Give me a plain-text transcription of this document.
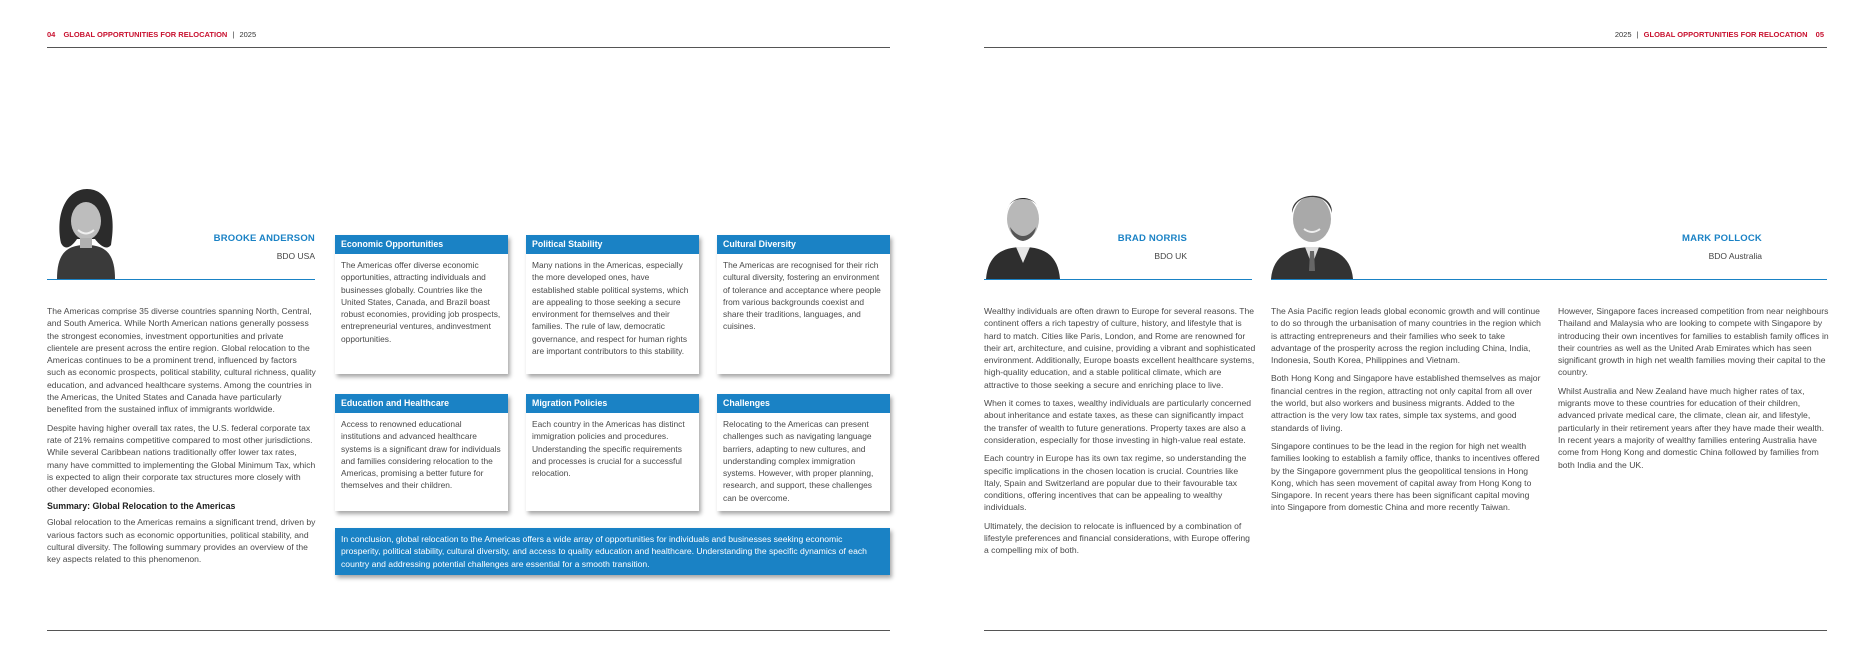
04 GLOBAL OPPORTUNITIES FOR RELOCATION | 2025
BROOKE ANDERSON
BDO USA

The Americas comprise 35 diverse countries spanning North, Central, and South America. While North American nations generally possess the strongest economies, investment opportunities and private clientele are present across the entire region. Global relocation to the Americas continues to be a prominent trend, influenced by factors such as economic prospects, political stability, cultural richness, quality education, and advanced healthcare systems. Among the countries in the Americas, the United States and Canada have particularly benefited from the sustained influx of immigrants worldwide.

Despite having higher overall tax rates, the U.S. federal corporate tax rate of 21% remains competitive compared to most other jurisdictions. While several Caribbean nations traditionally offer lower tax rates, many have committed to implementing the Global Minimum Tax, which is expected to align their corporate tax structures more closely with other developed economies.

Summary: Global Relocation to the Americas

Global relocation to the Americas remains a significant trend, driven by various factors such as economic opportunities, political stability, and cultural diversity. The following summary provides an overview of the key aspects related to this phenomenon.

Economic Opportunities
The Americas offer diverse economic opportunities, attracting individuals and businesses globally. Countries like the United States, Canada, and Brazil boast robust economies, providing job prospects, entrepreneurial ventures, andinvestment opportunities.
Political Stability
Many nations in the Americas, especially the more developed ones, have established stable political systems, which are appealing to those seeking a secure environment for themselves and their families. The rule of law, democratic governance, and respect for human rights are important contributors to this stability.
Cultural Diversity
The Americas are recognised for their rich cultural diversity, fostering an environment of tolerance and acceptance where people from various backgrounds coexist and share their traditions, languages, and cuisines.
Education and Healthcare
Access to renowned educational institutions and advanced healthcare systems is a significant draw for individuals and families considering relocation to the Americas, promising a better future for themselves and their children.
Migration Policies
Each country in the Americas has distinct immigration policies and procedures. Understanding the specific requirements and processes is crucial for a successful relocation.
Challenges
Relocating to the Americas can present challenges such as navigating language barriers, adapting to new cultures, and understanding complex immigration systems. However, with proper planning, research, and support, these challenges can be overcome.
In conclusion, global relocation to the Americas offers a wide array of opportunities for individuals and businesses seeking economic prosperity, political stability, cultural diversity, and access to quality education and healthcare. Understanding the specific dynamics of each country and addressing potential challenges are essential for a smooth transition.
2025 | GLOBAL OPPORTUNITIES FOR RELOCATION 05
BRAD NORRIS
BDO UK
MARK POLLOCK
BDO Australia

Wealthy individuals are often drawn to Europe for several reasons. The continent offers a rich tapestry of culture, history, and lifestyle that is hard to match. Cities like Paris, London, and Rome are renowned for their art, architecture, and cuisine, providing a vibrant and sophisticated environment. Additionally, Europe boasts excellent healthcare systems, high-quality education, and a stable political climate, which are attractive to those seeking a secure and enriching place to live.

When it comes to taxes, wealthy individuals are particularly concerned about inheritance and estate taxes, as these can significantly impact the transfer of wealth to future generations. Property taxes are also a consideration, especially for those investing in high-value real estate.

Each country in Europe has its own tax regime, so understanding the specific implications in the chosen location is crucial. Countries like Italy, Spain and Switzerland are popular due to their favourable tax conditions, offering incentives that can be appealing to wealthy individuals.

Ultimately, the decision to relocate is influenced by a combination of lifestyle preferences and financial considerations, with Europe offering a compelling mix of both.

The Asia Pacific region leads global economic growth and will continue to do so through the urbanisation of many countries in the region which is attracting entrepreneurs and their families who seek to take advantage of the prosperity across the region including China, India, Indonesia, South Korea, Philippines and Vietnam.

Both Hong Kong and Singapore have established themselves as major financial centres in the region, attracting not only capital from all over the world, but also workers and business migrants. Added to the attraction is the very low tax rates, simple tax systems, and good standards of living.

Singapore continues to be the lead in the region for high net wealth families looking to establish a family office, thanks to incentives offered by the Singapore government plus the geopolitical tensions in Hong Kong, which has seen movement of capital away from Hong Kong to Singapore. In recent years there has been significant capital moving into Singapore from domestic China and more recently Taiwan.

However, Singapore faces increased competition from near neighbours Thailand and Malaysia who are looking to compete with Singapore by introducing their own incentives for families to establish family offices in their countries as well as the United Arab Emirates which has seen significant growth in high net wealth families moving their capital to the country.

Whilst Australia and New Zealand have much higher rates of tax, migrants move to these countries for education of their children, advanced private medical care, the climate, clean air, and lifestyle, particularly in their retirement years after they have made their wealth. In recent years a majority of wealthy families entering Australia have come from Hong Kong and domestic China followed by families from both India and the UK.
